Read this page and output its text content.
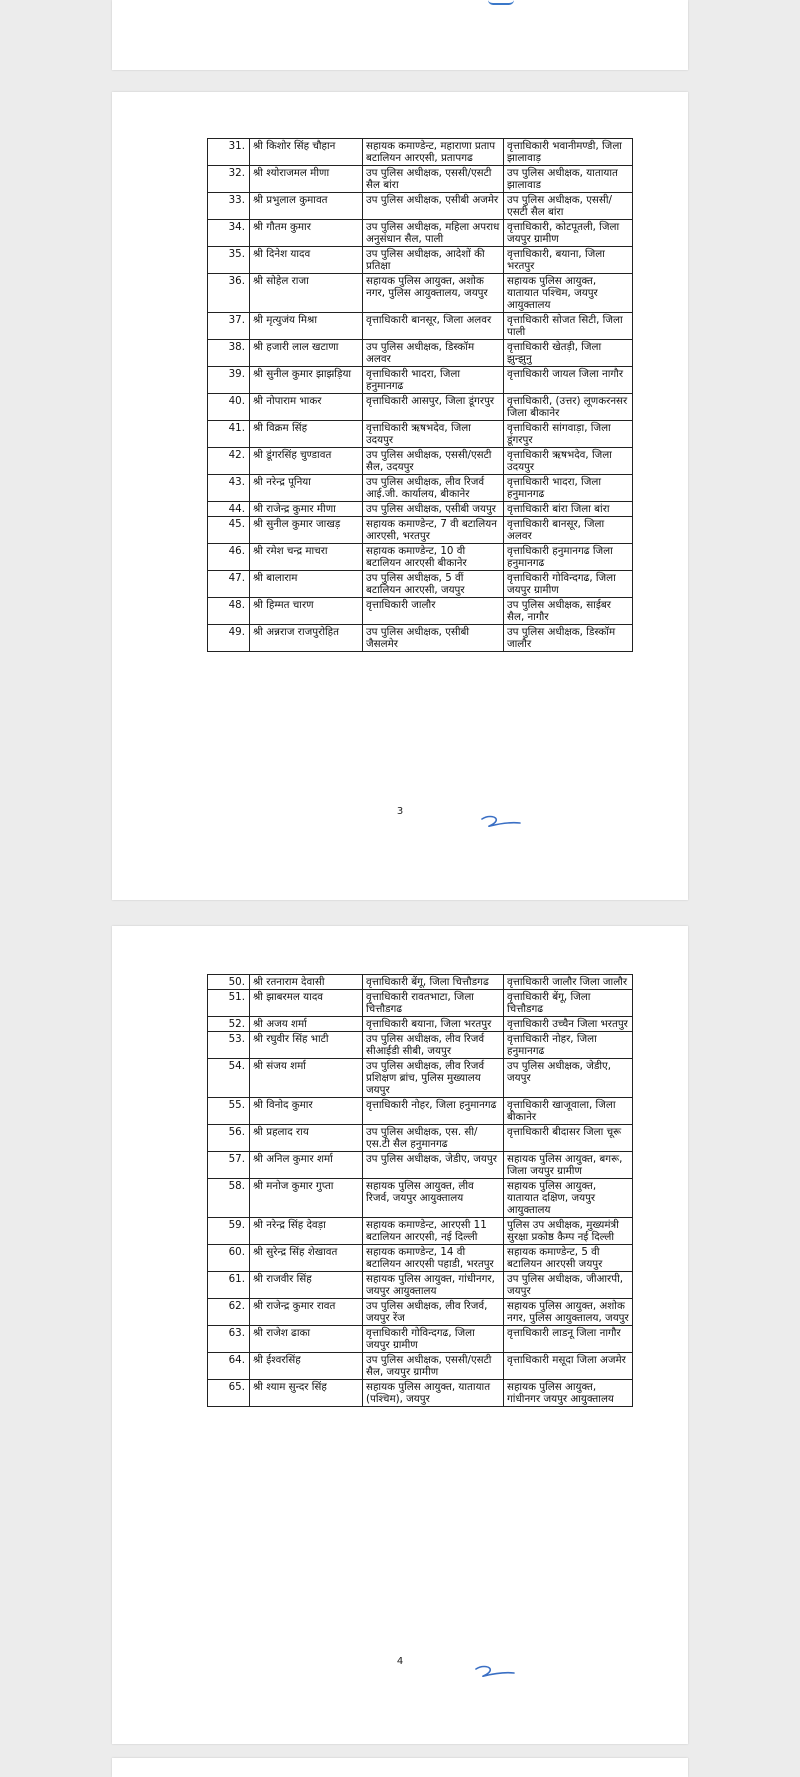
31.	श्री किशोर सिंह चौहान	सहायक कमाण्डेन्ट, महाराणा प्रताप बटालियन आरएसी, प्रतापगढ	वृत्ताधिकारी भवानीमण्डी, जिला झालावाड़
32.	श्री श्योराजमल मीणा	उप पुलिस अधीक्षक, एससी/एसटी सैल बांरा	उप पुलिस अधीक्षक, यातायात झालावाड
33.	श्री प्रभुलाल कुमावत	उप पुलिस अधीक्षक, एसीबी अजमेर	उप पुलिस अधीक्षक, एससी/एसटी सैल बांरा
34.	श्री गौतम कुमार	उप पुलिस अधीक्षक, महिला अपराध अनुसंधान सैल, पाली	वृत्ताधिकारी, कोटपूतली, जिला जयपुर ग्रामीण
35.	श्री दिनेश यादव	उप पुलिस अधीक्षक, आदेशों की प्रतिक्षा	वृत्ताधिकारी, बयाना, जिला भरतपुर
36.	श्री सोहेल राजा	सहायक पुलिस आयुक्त, अशोक नगर, पुलिस आयुक्तालय, जयपुर	सहायक पुलिस आयुक्त, यातायात पश्चिम, जयपुर आयुक्तालय
37.	श्री मृत्युजंय मिश्रा	वृत्ताधिकारी बानसूर, जिला अलवर	वृत्ताधिकारी सोजत सिटी, जिला पाली
38.	श्री हजारी लाल खटाणा	उप पुलिस अधीक्षक, डिस्कॉम अलवर	वृत्ताधिकारी खेतड़ी, जिला झुन्झुनु
39.	श्री सुनील कुमार झाझड़िया	वृत्ताधिकारी भादरा, जिला हनुमानगढ	वृत्ताधिकारी जायल जिला नागौर
40.	श्री नोपाराम भाकर	वृत्ताधिकारी आसपुर, जिला डूंगरपुर	वृत्ताधिकारी, (उत्तर) लूणकरनसर जिला बीकानेर
41.	श्री विक्रम सिंह	वृत्ताधिकारी ऋषभदेव, जिला उदयपुर	वृत्ताधिकारी सांगवाड़ा, जिला डूंगरपुर
42.	श्री डूंगरसिंह चुण्डावत	उप पुलिस अधीक्षक, एससी/एसटी सैल, उदयपुर	वृत्ताधिकारी ऋषभदेव, जिला उदयपुर
43.	श्री नरेन्द्र पूनिया	उप पुलिस अधीक्षक, लीव रिजर्व आई.जी. कार्यालय, बीकानेर	वृत्ताधिकारी भादरा, जिला हनुमानगढ
44.	श्री राजेन्द्र कुमार मीणा	उप पुलिस अधीक्षक, एसीबी जयपुर	वृत्ताधिकारी बांरा जिला बांरा
45.	श्री सुनील कुमार जाखड़	सहायक कमाण्डेन्ट, 7 वी बटालियन आरएसी, भरतपुर	वृत्ताधिकारी बानसूर, जिला अलवर
46.	श्री रमेश चन्द्र माचरा	सहायक कमाण्डेन्ट, 10 वी बटालियन आरएसी बीकानेर	वृत्ताधिकारी हनुमानगढ जिला हनुमानगढ
47.	श्री बालाराम	उप पुलिस अधीक्षक, 5 वीं बटालियन आरएसी, जयपुर	वृत्ताधिकारी गोविन्दगढ, जिला जयपुर ग्रामीण
48.	श्री हिम्मत चारण	वृत्ताधिकारी जालौर	उप पुलिस अधीक्षक, साईबर सैल, नागौर
49.	श्री अन्नराज राजपुरोहित	उप पुलिस अधीक्षक, एसीबी जैसलमेर	उप पुलिस अधीक्षक, डिस्कॉम जालौर
3
50.	श्री रतनाराम देवासी	वृत्ताधिकारी बेंगू, जिला चित्तौडगढ	वृत्ताधिकारी जालौर जिला जालौर
51.	श्री झाबरमल यादव	वृत्ताधिकारी रावतभाटा, जिला चित्तौडगढ	वृत्ताधिकारी बेंगू, जिला चित्तौडगढ
52.	श्री अजय शर्मा	वृत्ताधिकारी बयाना, जिला भरतपुर	वृत्ताधिकारी उच्चैन जिला भरतपुर
53.	श्री रघुवीर सिंह भाटी	उप पुलिस अधीक्षक, लीव रिजर्व सीआईडी सीबी, जयपुर	वृत्ताधिकारी नोहर, जिला हनुमानगढ
54.	श्री संजय शर्मा	उप पुलिस अधीक्षक, लीव रिजर्व प्रशिक्षण ब्रांच, पुलिस मुख्यालय जयपुर	उप पुलिस अधीक्षक, जेडीए, जयपुर
55.	श्री विनोद कुमार	वृत्ताधिकारी नोहर, जिला हनुमानगढ	वृत्ताधिकारी खाजूवाला, जिला बीकानेर
56.	श्री प्रहलाद राय	उप पुलिस अधीक्षक, एस. सी/एस.टी सैल हनुमानगढ	वृत्ताधिकारी बीदासर जिला चूरू
57.	श्री अनिल कुमार शर्मा	उप पुलिस अधीक्षक, जेडीए, जयपुर	सहायक पुलिस आयुक्त, बगरू, जिला जयपुर ग्रामीण
58.	श्री मनोज कुमार गुप्ता	सहायक पुलिस आयुक्त, लीव रिजर्व, जयपुर आयुक्तालय	सहायक पुलिस आयुक्त, यातायात दक्षिण, जयपुर आयुक्तालय
59.	श्री नरेन्द्र सिंह देवड़ा	सहायक कमाण्डेन्ट, आरएसी 11 बटालियन आरएसी, नई दिल्ली	पुलिस उप अधीक्षक, मुख्यमंत्री सुरक्षा प्रकोष्ठ कैम्प नई दिल्ली
60.	श्री सुरेन्द्र सिंह शेखावत	सहायक कमाण्डेन्ट, 14 वी बटालियन आरएसी पहाडी, भरतपुर	सहायक कमाण्डेन्ट, 5 वी बटालियन आरएसी जयपुर
61.	श्री राजवीर सिंह	सहायक पुलिस आयुक्त, गांधीनगर, जयपुर आयुक्तालय	उप पुलिस अधीक्षक, जीआरपी, जयपुर
62.	श्री राजेन्द्र कुमार रावत	उप पुलिस अधीक्षक, लीव रिजर्व, जयपुर रेंज	सहायक पुलिस आयुक्त, अशोक नगर, पुलिस आयुक्तालय, जयपुर
63.	श्री राजेश ढाका	वृत्ताधिकारी गोविन्दगढ, जिला जयपुर ग्रामीण	वृत्ताधिकारी लाडनू जिला नागौर
64.	श्री ईश्वरसिंह	उप पुलिस अधीक्षक, एससी/एसटी सैल, जयपुर ग्रामीण	वृत्ताधिकारी मसूदा जिला अजमेर
65.	श्री श्याम सुन्दर सिंह	सहायक पुलिस आयुक्त, यातायात (पश्चिम), जयपुर	सहायक पुलिस आयुक्त, गांधीनगर जयपुर आयुक्तालय
4
